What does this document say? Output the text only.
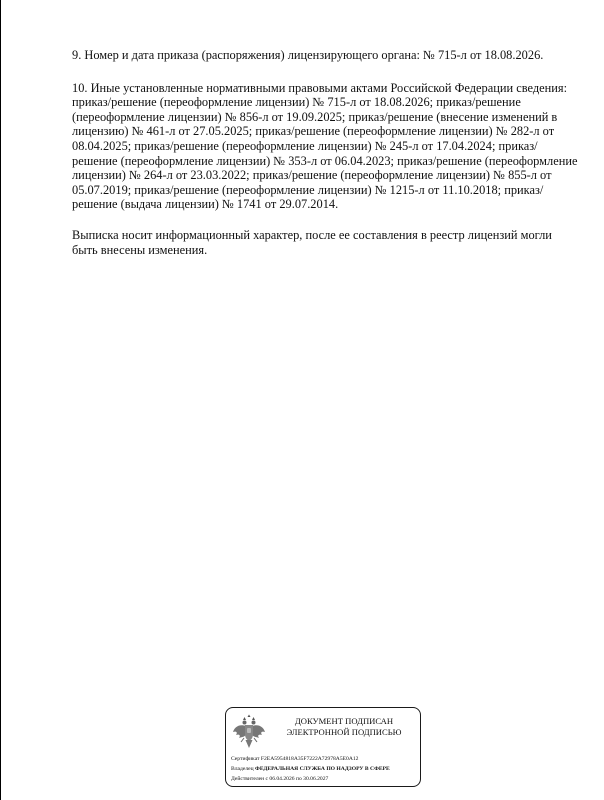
9. Номер и дата приказа (распоряжения) лицензирующего органа: № 715-л от 18.08.2026.

10. Иные установленные нормативными правовыми актами Российской Федерации сведения: приказ/решение (переоформление лицензии) № 715-л от 18.08.2026; приказ/решение (переоформление лицензии) № 856-л от 19.09.2025; приказ/решение (внесение изменений в лицензию) № 461-л от 27.05.2025; приказ/решение (переоформление лицензии) № 282-л от 08.04.2025; приказ/решение (переоформление лицензии) № 245-л от 17.04.2024; приказ/решение (переоформление лицензии) № 353-л от 06.04.2023; приказ/решение (переоформление лицензии) № 264-л от 23.03.2022; приказ/решение (переоформление лицензии) № 855-л от 05.07.2019; приказ/решение (переоформление лицензии) № 1215-л от 11.10.2018; приказ/решение (выдача лицензии) № 1741 от 29.07.2014.

Выписка носит информационный характер, после ее составления в реестр лицензий могли быть внесены изменения.

ДОКУМЕНТ ПОДПИСАН
ЭЛЕКТРОННОЙ ПОДПИСЬЮ
Сертификат F2EA5954818A35F7222A72978A5E0A12
Владелец ФЕДЕРАЛЬНАЯ СЛУЖБА ПО НАДЗОРУ В СФЕРЕ
Действителен с 06.04.2026 по 30.06.2027
